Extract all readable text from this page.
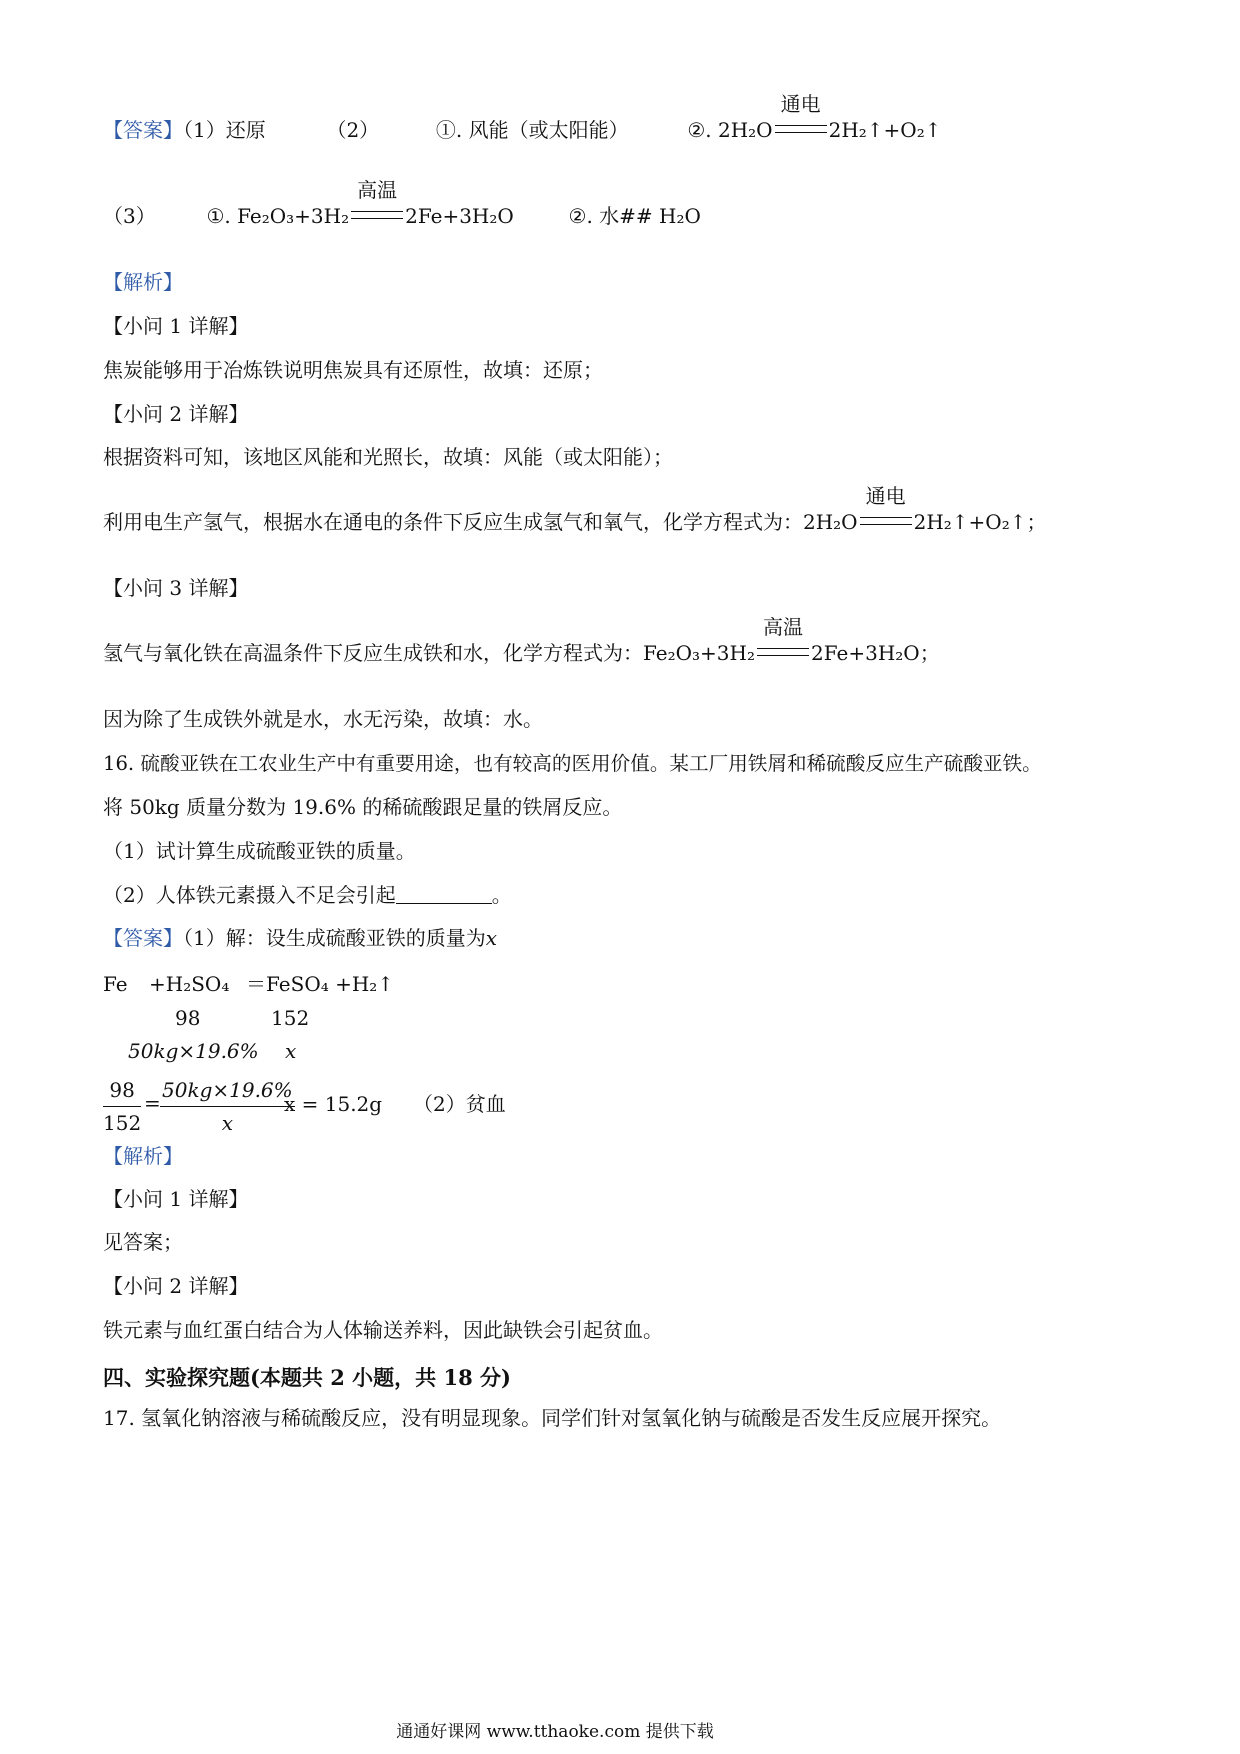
【答案】（1）还原	（2）	①. 风能（或太阳能）	②. 2H₂O
通电
2H₂↑+O₂↑
（3）	①. Fe₂O₃+3H₂
高温
2Fe+3H₂O	②. 水## H₂O
【解析】
【小问 1 详解】
焦炭能够用于冶炼铁说明焦炭具有还原性，故填：还原；
【小问 2 详解】
根据资料可知，该地区风能和光照长，故填：风能（或太阳能）；
利用电生产氢气，根据水在通电的条件下反应生成氢气和氧气，化学方程式为：2H₂O
通电
2H₂↑+O₂↑；
【小问 3 详解】
氢气与氧化铁在高温条件下反应生成铁和水，化学方程式为：Fe₂O₃+3H₂
高温
2Fe+3H₂O；
因为除了生成铁外就是水，水无污染，故填：水。
16. 硫酸亚铁在工农业生产中有重要用途，也有较高的医用价值。某工厂用铁屑和稀硫酸反应生产硫酸亚铁。
将 50kg 质量分数为 19.6% 的稀硫酸跟足量的铁屑反应。
（1）试计算生成硫酸亚铁的质量。
（2）人体铁元素摄入不足会引起	。
【答案】（1）解：设生成硫酸亚铁的质量为x
Fe +H₂SO₄ ＝FeSO₄ +H₂↑
98	152
50kg×19.6% x
$\frac{98}{152} = \frac{50kg\times 19.6\%}{x}$
x = 15.2g （2）贫血
【解析】
【小问 1 详解】
见答案；
【小问 2 详解】
铁元素与血红蛋白结合为人体输送养料，因此缺铁会引起贫血。
四、实验探究题(本题共 2 小题，共 18 分)
17. 氢氧化钠溶液与稀硫酸反应，没有明显现象。同学们针对氢氧化钠与硫酸是否发生反应展开探究。
通通好课网 www.tthaoke.com 提供下载
